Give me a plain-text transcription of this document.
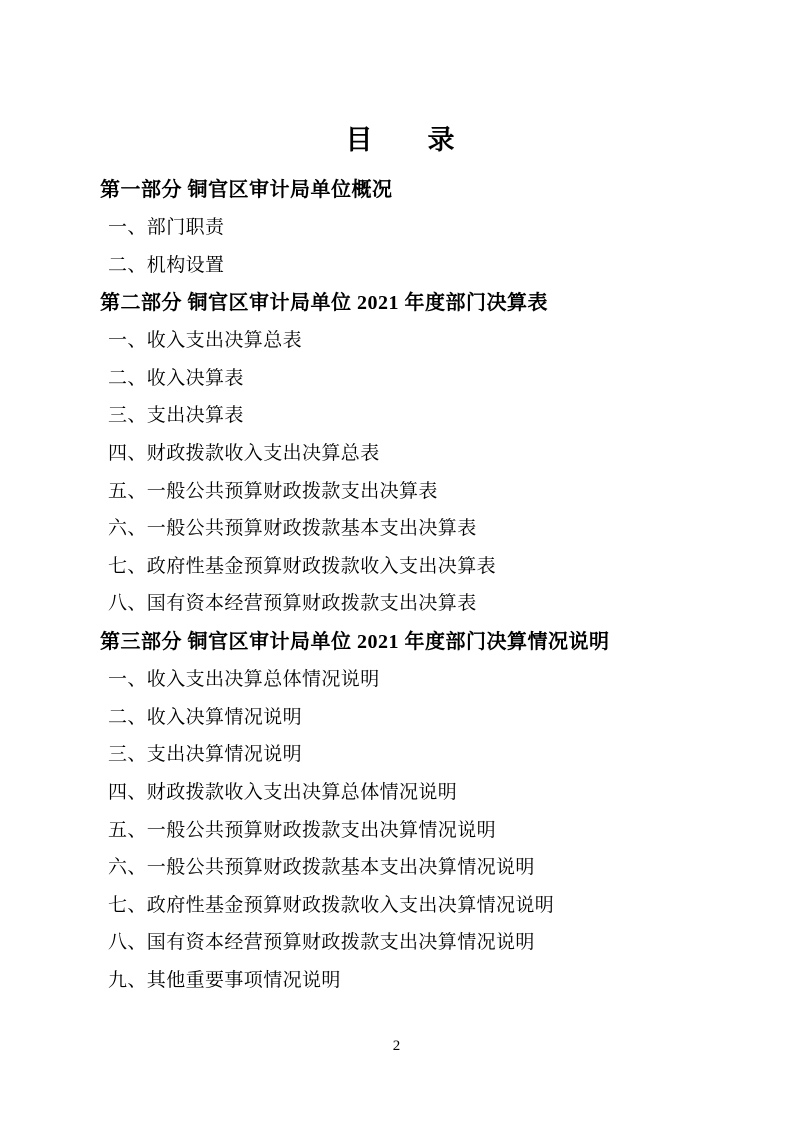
目　录
第一部分 铜官区审计局单位概况
一、部门职责
二、机构设置
第二部分 铜官区审计局单位 2021 年度部门决算表
一、收入支出决算总表
二、收入决算表
三、支出决算表
四、财政拨款收入支出决算总表
五、一般公共预算财政拨款支出决算表
六、一般公共预算财政拨款基本支出决算表
七、政府性基金预算财政拨款收入支出决算表
八、国有资本经营预算财政拨款支出决算表
第三部分 铜官区审计局单位 2021 年度部门决算情况说明
一、收入支出决算总体情况说明
二、收入决算情况说明
三、支出决算情况说明
四、财政拨款收入支出决算总体情况说明
五、一般公共预算财政拨款支出决算情况说明
六、一般公共预算财政拨款基本支出决算情况说明
七、政府性基金预算财政拨款收入支出决算情况说明
八、国有资本经营预算财政拨款支出决算情况说明
九、其他重要事项情况说明
2
